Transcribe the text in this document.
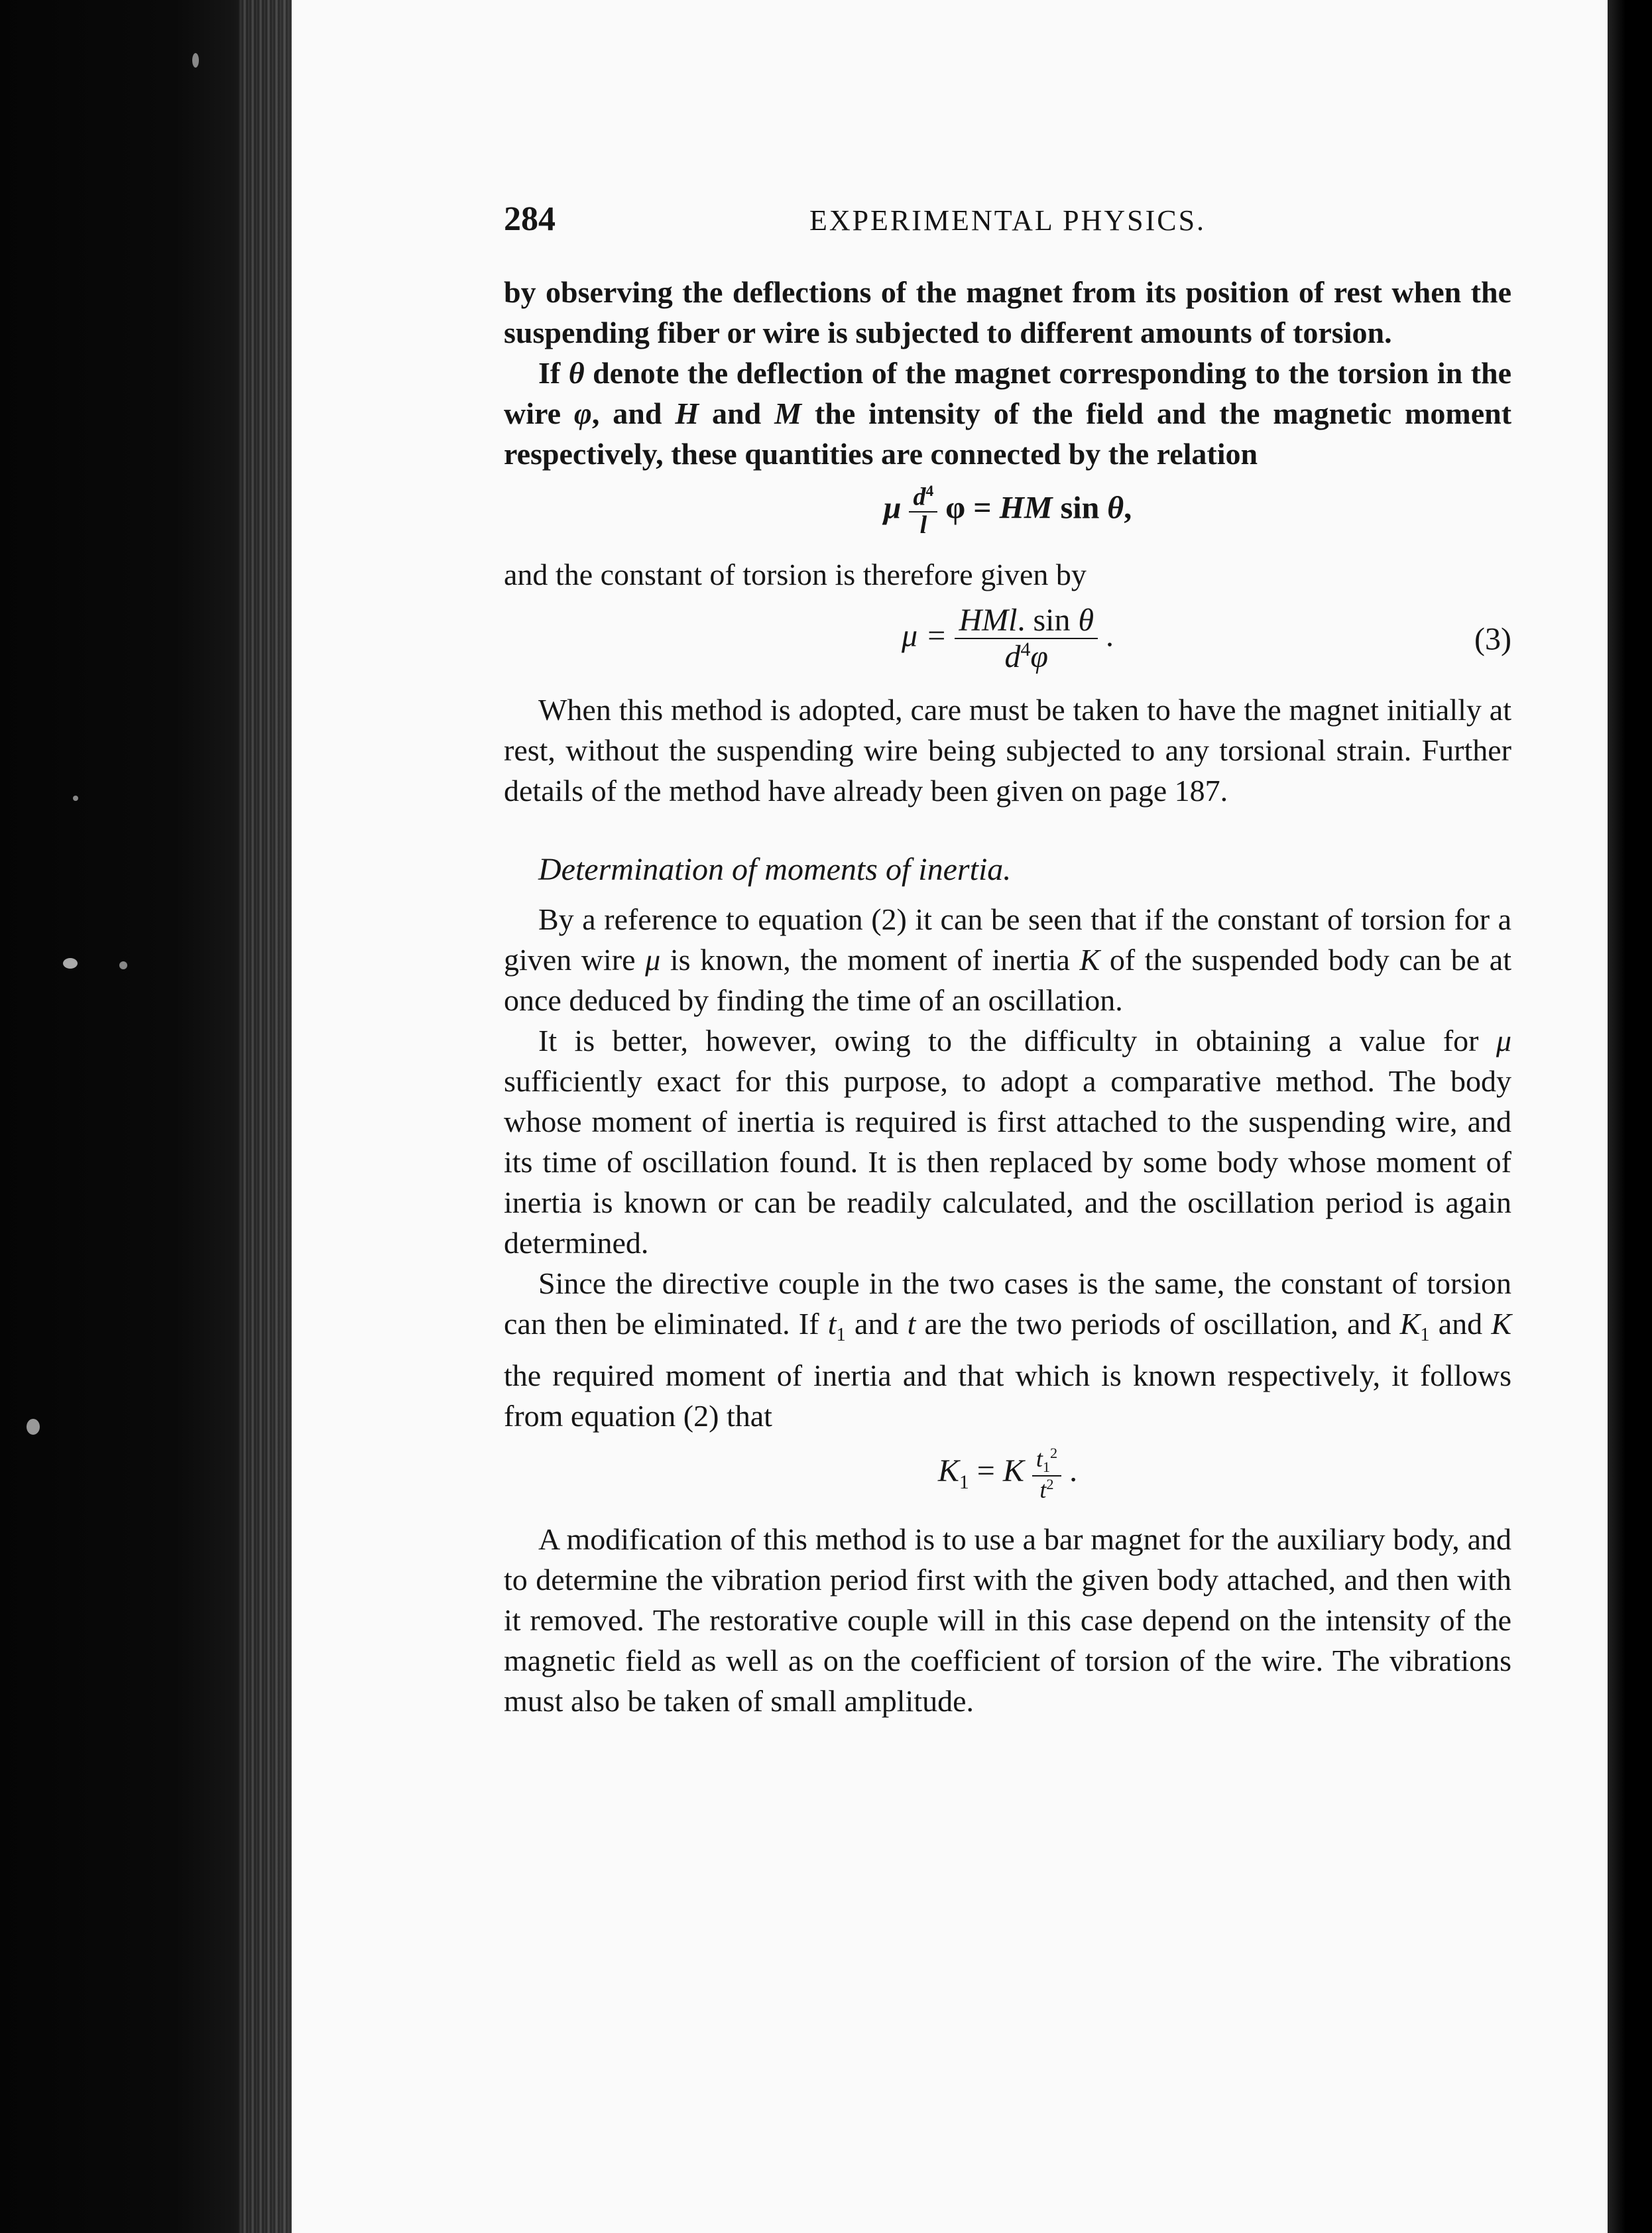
284	EXPERIMENTAL PHYSICS.

by observing the deflections of the magnet from its position of rest when the suspending fiber or wire is subjected to different amounts of torsion.

If θ denote the deflection of the magnet corresponding to the torsion in the wire φ, and H and M the intensity of the field and the magnetic moment respectively, these quantities are connected by the relation

μ $\frac{d^4}{l}$ φ = HM sin θ,

and the constant of torsion is therefore given by

$\mu = \frac{\text{HMl. sin θ}}{d^4\varphi}$ .	(3)

When this method is adopted, care must be taken to have the magnet initially at rest, without the suspending wire being subjected to any torsional strain. Further details of the method have already been given on page 187.

Determination of moments of inertia.

By a reference to equation (2) it can be seen that if the constant of torsion for a given wire μ is known, the moment of inertia K of the suspended body can be at once deduced by finding the time of an oscillation.

It is better, however, owing to the difficulty in obtaining a value for μ sufficiently exact for this purpose, to adopt a comparative method. The body whose moment of inertia is required is first attached to the suspending wire, and its time of oscillation found. It is then replaced by some body whose moment of inertia is known or can be readily calculated, and the oscillation period is again determined.

Since the directive couple in the two cases is the same, the constant of torsion can then be eliminated. If $t_1$ and t are the two periods of oscillation, and $K_1$ and K the required moment of inertia and that which is known respectively, it follows from equation (2) that

$K_1 = K \frac{t_1^2}{t^2}$ .

A modification of this method is to use a bar magnet for the auxiliary body, and to determine the vibration period first with the given body attached, and then with it removed. The restorative couple will in this case depend on the intensity of the magnetic field as well as on the coefficient of torsion of the wire. The vibrations must also be taken of small amplitude.
